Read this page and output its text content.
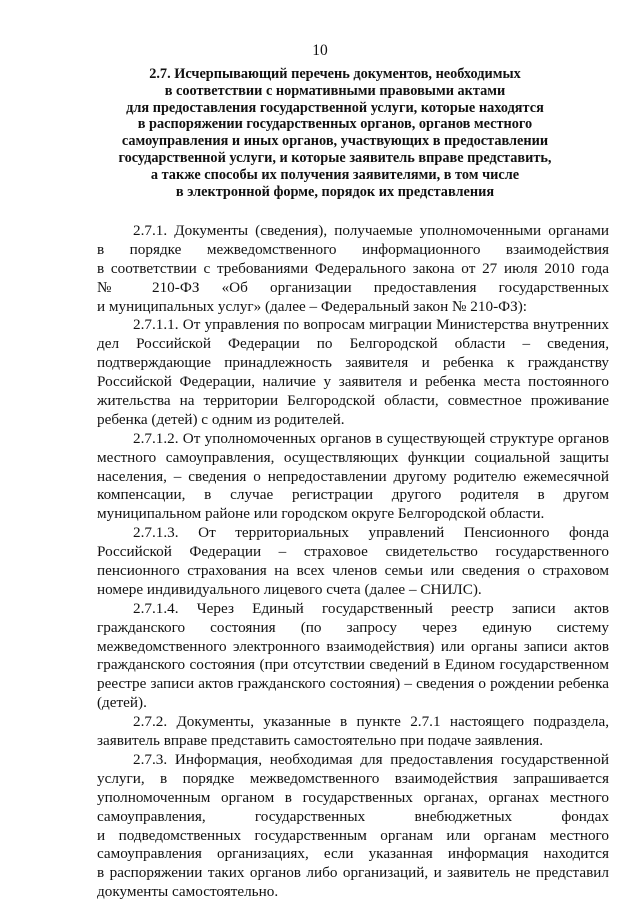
10
2.7. Исчерпывающий перечень документов, необходимых
в соответствии с нормативными правовыми актами
для предоставления государственной услуги, которые находятся
в распоряжении государственных органов, органов местного
самоуправления и иных органов, участвующих в предоставлении
государственной услуги, и которые заявитель вправе представить,
а также способы их получения заявителями, в том числе
в электронной форме, порядок их представления
2.7.1. Документы (сведения), получаемые уполномоченными органами
в порядке межведомственного информационного взаимодействия
в соответствии с требованиями Федерального закона от 27 июля 2010 года
№ 210-ФЗ «Об организации предоставления государственных
и муниципальных услуг» (далее – Федеральный закон № 210-ФЗ):
2.7.1.1. От управления по вопросам миграции Министерства внутренних
дел Российской Федерации по Белгородской области – сведения,
подтверждающие принадлежность заявителя и ребенка к гражданству
Российской Федерации, наличие у заявителя и ребенка места постоянного
жительства на территории Белгородской области, совместное проживание
ребенка (детей) с одним из родителей.
2.7.1.2. От уполномоченных органов в существующей структуре органов
местного самоуправления, осуществляющих функции социальной защиты
населения, – сведения о непредоставлении другому родителю ежемесячной
компенсации, в случае регистрации другого родителя в другом
муниципальном районе или городском округе Белгородской области.
2.7.1.3. От территориальных управлений Пенсионного фонда
Российской Федерации – страховое свидетельство государственного
пенсионного страхования на всех членов семьи или сведения о страховом
номере индивидуального лицевого счета (далее – СНИЛС).
2.7.1.4. Через Единый государственный реестр записи актов
гражданского состояния (по запросу через единую систему
межведомственного электронного взаимодействия) или органы записи актов
гражданского состояния (при отсутствии сведений в Едином государственном
реестре записи актов гражданского состояния) – сведения о рождении ребенка
(детей).
2.7.2. Документы, указанные в пункте 2.7.1 настоящего подраздела,
заявитель вправе представить самостоятельно при подаче заявления.
2.7.3. Информация, необходимая для предоставления государственной
услуги, в порядке межведомственного взаимодействия запрашивается
уполномоченным органом в государственных органах, органах местного
самоуправления, государственных внебюджетных фондах
и подведомственных государственным органам или органам местного
самоуправления организациях, если указанная информация находится
в распоряжении таких органов либо организаций, и заявитель не представил
документы самостоятельно.
